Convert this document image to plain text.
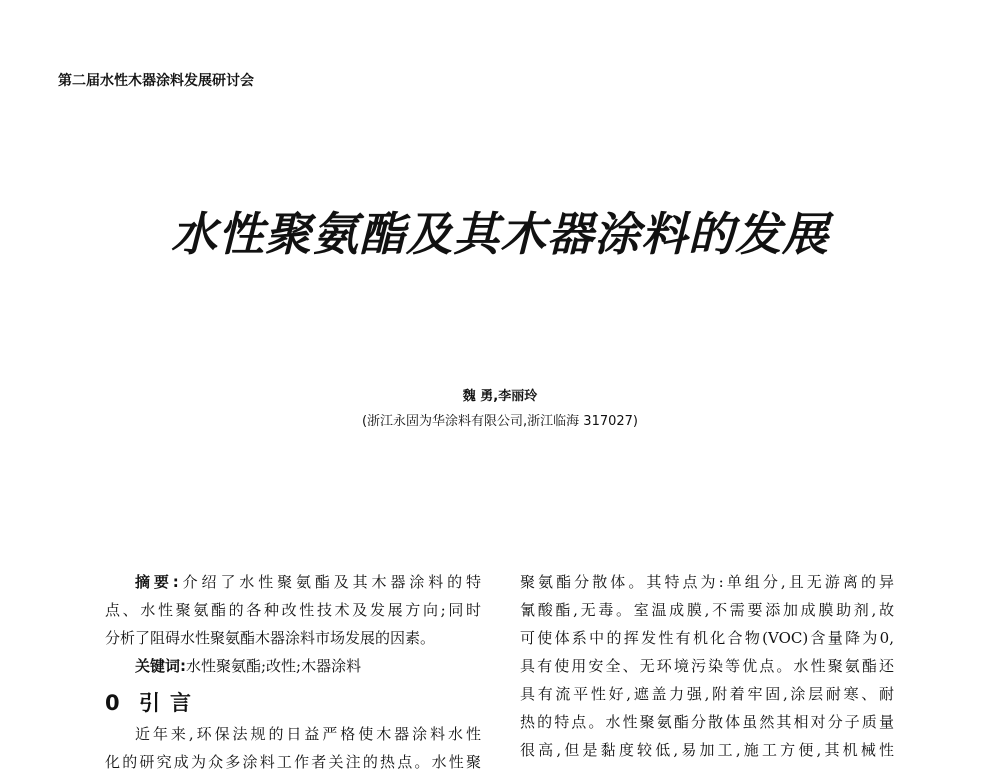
第二届水性木器涂料发展研讨会
水性聚氨酯及其木器涂料的发展
魏 勇,李丽玲
(浙江永固为华涂料有限公司,浙江临海 317027)
摘要:介绍了水性聚氨酯及其木器涂料的特
点、水性聚氨酯的各种改性技术及发展方向;同时
分析了阻碍水性聚氨酯木器涂料市场发展的因素。
关键词:水性聚氨酯;改性;木器涂料
0 引言
近年来,环保法规的日益严格使木器涂料水性
化的研究成为众多涂料工作者关注的热点。水性聚
聚氨酯分散体。其特点为:单组分,且无游离的异
氰酸酯,无毒。室温成膜,不需要添加成膜助剂,故
可使体系中的挥发性有机化合物(VOC)含量降为0,
具有使用安全、无环境污染等优点。水性聚氨酯还
具有流平性好,遮盖力强,附着牢固,涂层耐寒、耐
热的特点。水性聚氨酯分散体虽然其相对分子质量
很高,但是黏度较低,易加工,施工方便,其机械性
